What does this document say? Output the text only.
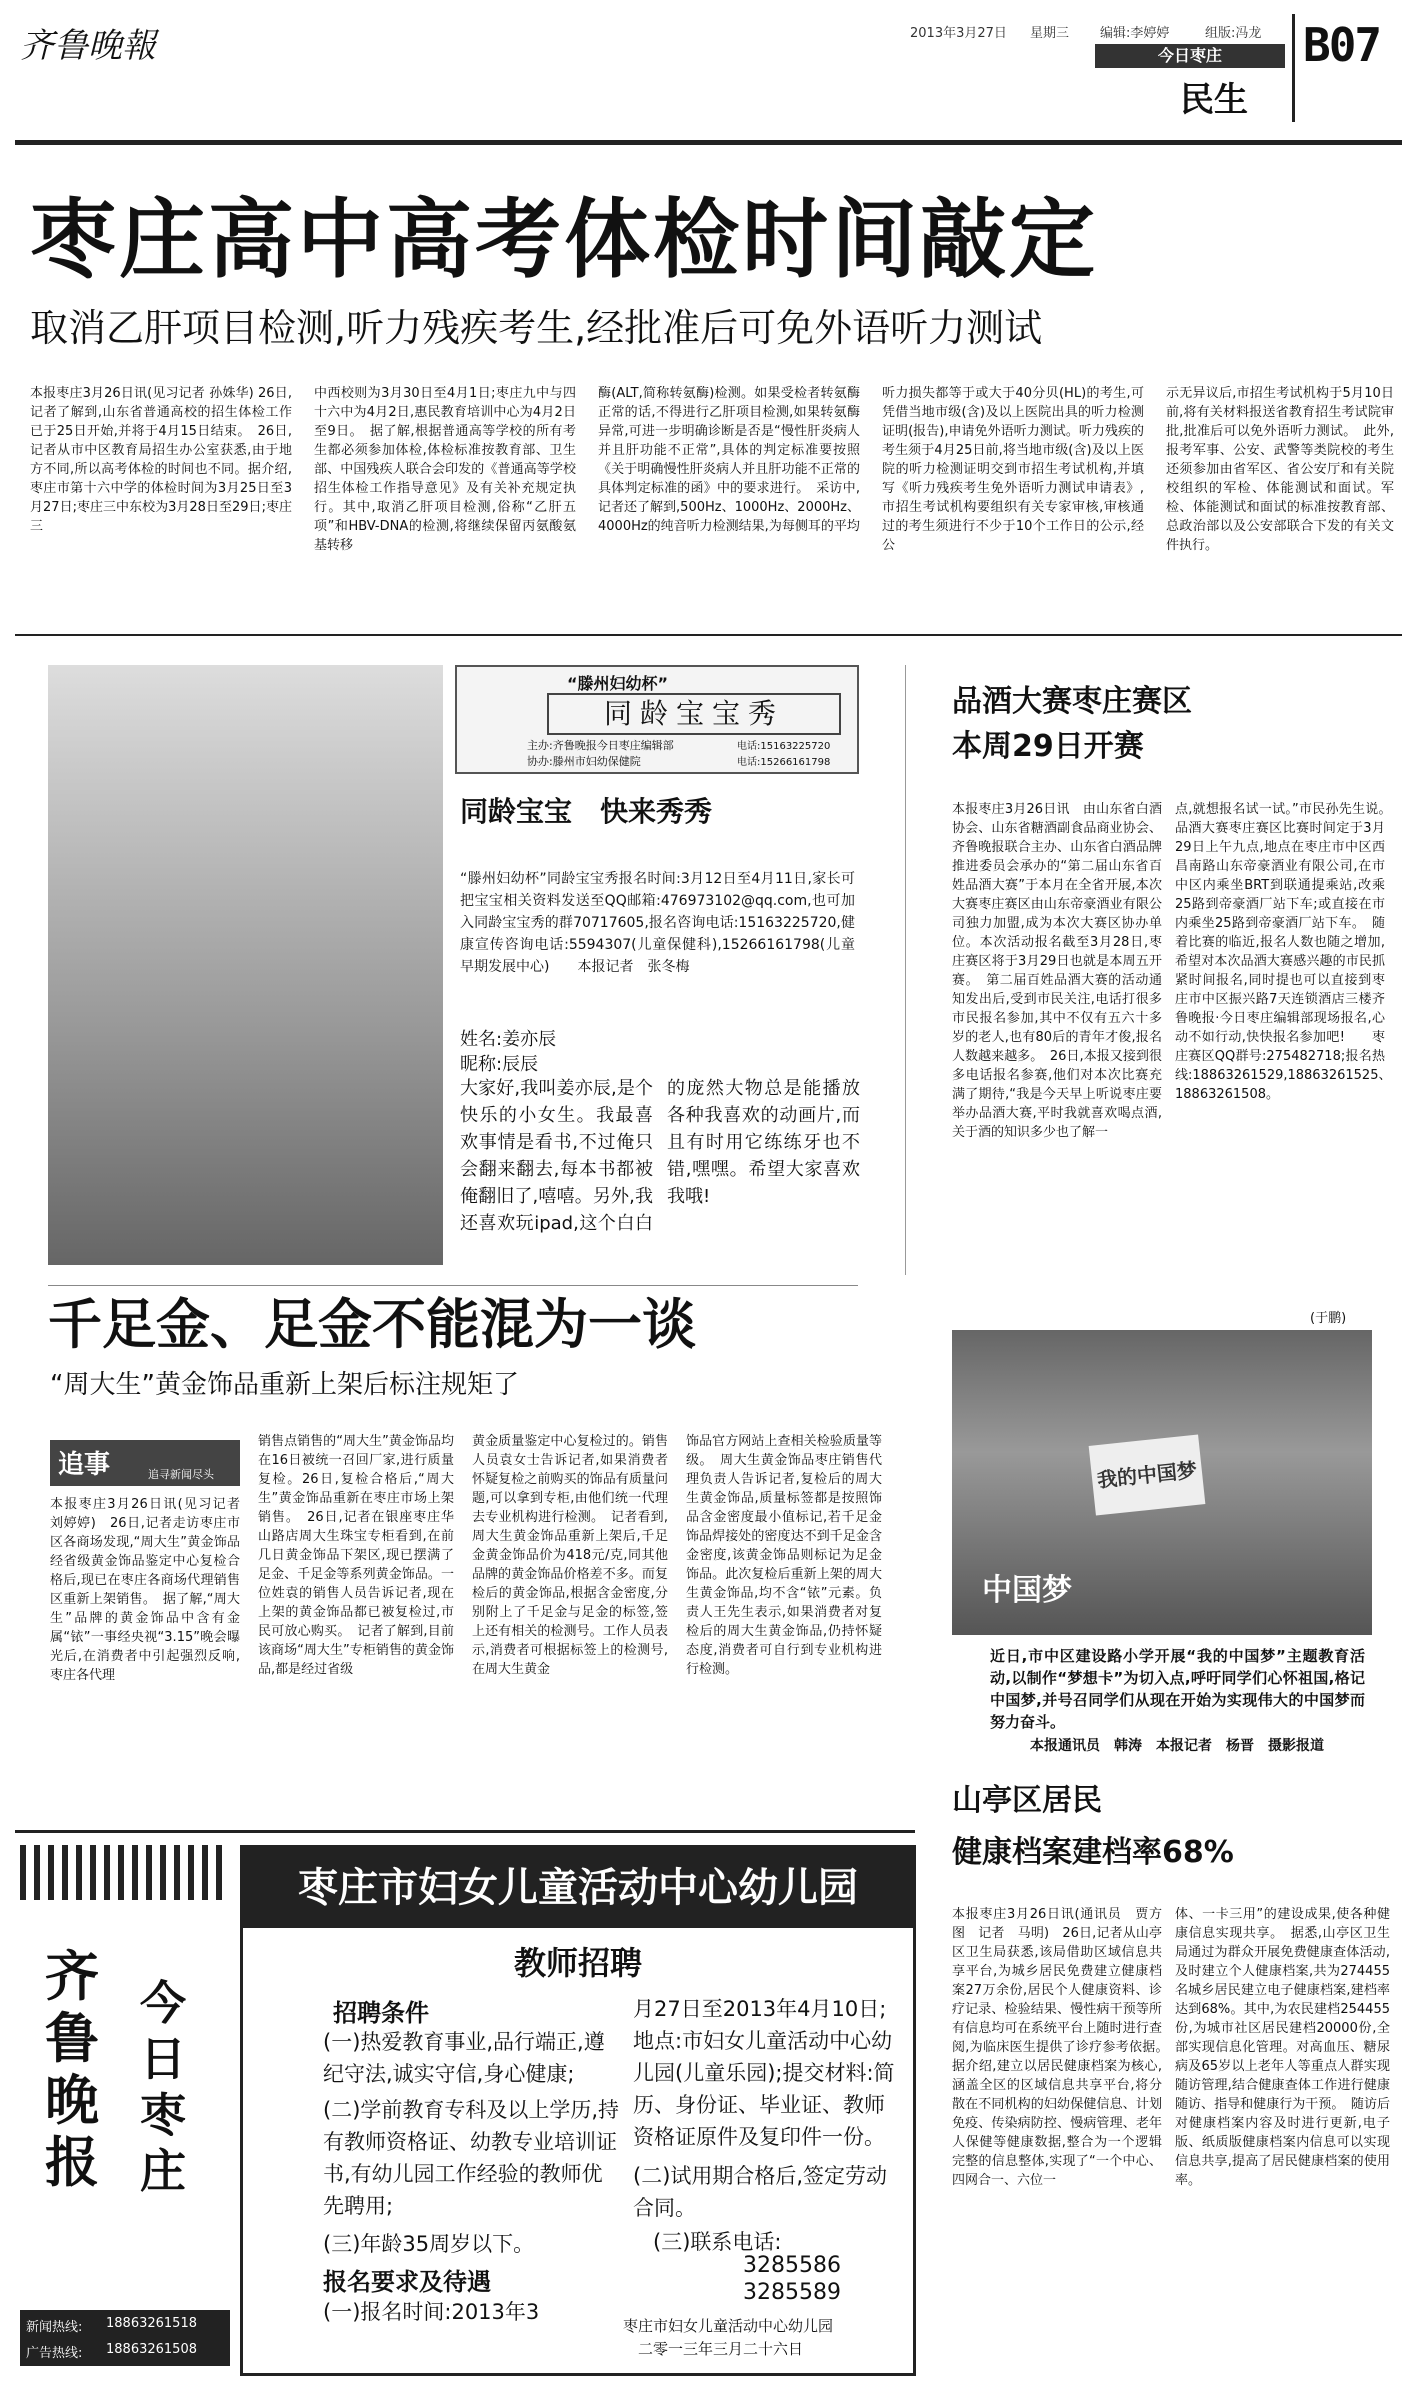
齐鲁晚報	2013年3月27日 星期三 编辑:李婷婷	组版:冯龙
今日枣庄
民生
B07
枣庄高中高考体检时间敲定
取消乙肝项目检测,听力残疾考生,经批准后可免外语听力测试
本报枣庄3月26日讯(见习记者 孙姝华) 26日,记者了解到,山东省普通高校的招生体检工作已于25日开始,并将于4月15日结束。　26日,记者从市中区教育局招生办公室获悉,由于地方不同,所以高考体检的时间也不同。据介绍,枣庄市第十六中学的体检时间为3月25日至3月27日;枣庄三中东校为3月28日至29日;枣庄三
中西校则为3月30日至4月1日;枣庄九中与四十六中为4月2日,惠民教育培训中心为4月2日至9日。　据了解,根据普通高等学校的所有考生都必须参加体检,体检标准按教育部、卫生部、中国残疾人联合会印发的《普通高等学校招生体检工作指导意见》及有关补充规定执行。其中,取消乙肝项目检测,俗称“乙肝五项”和HBV-DNA的检测,将继续保留丙氨酸氨基转移
酶(ALT,简称转氨酶)检测。如果受检者转氨酶正常的话,不得进行乙肝项目检测,如果转氨酶异常,可进一步明确诊断是否是“慢性肝炎病人并且肝功能不正常”,具体的判定标准要按照《关于明确慢性肝炎病人并且肝功能不正常的具体判定标准的函》中的要求进行。　采访中,记者还了解到,500Hz、1000Hz、2000Hz、4000Hz的纯音听力检测结果,为每侧耳的平均
听力损失都等于或大于40分贝(HL)的考生,可凭借当地市级(含)及以上医院出具的听力检测证明(报告),申请免外语听力测试。听力残疾的考生须于4月25日前,将当地市级(含)及以上医院的听力检测证明交到市招生考试机构,并填写《听力残疾考生免外语听力测试申请表》,市招生考试机构要组织有关专家审核,审核通过的考生须进行不少于10个工作日的公示,经公
示无异议后,市招生考试机构于5月10日前,将有关材料报送省教育招生考试院审批,批准后可以免外语听力测试。　此外,报考军事、公安、武警等类院校的考生还须参加由省军区、省公安厅和有关院校组织的军检、体能测试和面试。军检、体能测试和面试的标准按教育部、总政治部以及公安部联合下发的有关文件执行。
“滕州妇幼杯”
同龄宝宝秀
主办:齐鲁晚报今日枣庄编辑部	电话:15163225720
协办:滕州市妇幼保健院	电话:15266161798
同龄宝宝　快来秀秀
“滕州妇幼杯”同龄宝宝秀报名时间:3月12日至4月11日,家长可把宝宝相关资料发送至QQ邮箱:476973102@qq.com,也可加入同龄宝宝秀的群70717605,报名咨询电话:15163225720,健康宣传咨询电话:5594307(儿童保健科),15266161798(儿童早期发展中心)　　本报记者　张冬梅
姓名:姜亦辰
昵称:辰辰
大家好,我叫姜亦辰,是个快乐的小女生。我最喜欢事情是看书,不过俺只会翻来翻去,每本书都被俺翻旧了,嘻嘻。另外,我还喜欢玩ipad,这个白白的庞然大物总是能播放各种我喜欢的动画片,而且有时用它练练牙也不错,嘿嘿。希望大家喜欢我哦!
品酒大赛枣庄赛区
本周29日开赛
本报枣庄3月26日讯　由山东省白酒协会、山东省糖酒副食品商业协会、齐鲁晚报联合主办、山东省白酒品牌推进委员会承办的“第二届山东省百姓品酒大赛”于本月在全省开展,本次大赛枣庄赛区由山东帝豪酒业有限公司独力加盟,成为本次大赛区协办单位。本次活动报名截至3月28日,枣庄赛区将于3月29日也就是本周五开赛。　第二届百姓品酒大赛的活动通知发出后,受到市民关注,电话打很多市民报名参加,其中不仅有五六十多岁的老人,也有80后的青年才俊,报名人数越来越多。　26日,本报又接到很多电话报名参赛,他们对本次比赛充满了期待,“我是今天早上听说枣庄要举办品酒大赛,平时我就喜欢喝点酒,关于酒的知识多少也了解一
点,就想报名试一试。”市民孙先生说。　品酒大赛枣庄赛区比赛时间定于3月29日上午九点,地点在枣庄市中区西昌南路山东帝豪酒业有限公司,在市中区内乘坐BRT到联通提乘站,改乘25路到帝豪酒厂站下车;或直接在市内乘坐25路到帝豪酒厂站下车。　随着比赛的临近,报名人数也随之增加,希望对本次品酒大赛感兴趣的市民抓紧时间报名,同时提也可以直接到枣庄市中区振兴路7天连锁酒店三楼齐鲁晚报·今日枣庄编辑部现场报名,心动不如行动,快快报名参加吧!　　枣庄赛区QQ群号:275482718;报名热线:18863261529,18863261525、18863261508。
(于鹏)
千足金、足金不能混为一谈
“周大生”黄金饰品重新上架后标注规矩了
追事	追寻新闻尽头
本报枣庄3月26日讯(见习记者　刘婷婷)　26日,记者走访枣庄市区各商场发现,“周大生”黄金饰品经省级黄金饰品鉴定中心复检合格后,现已在枣庄各商场代理销售区重新上架销售。　据了解,“周大生”品牌的黄金饰品中含有金属“铱”一事经央视“3.15”晚会曝光后,在消费者中引起强烈反响,枣庄各代理
销售点销售的“周大生”黄金饰品均在16日被统一召回厂家,进行质量复检。26日,复检合格后,“周大生”黄金饰品重新在枣庄市场上架销售。　26日,记者在银座枣庄华山路店周大生珠宝专柜看到,在前几日黄金饰品下架区,现已摆满了足金、千足金等系列黄金饰品。一位姓袁的销售人员告诉记者,现在上架的黄金饰品都已被复检过,市民可放心购买。　记者了解到,目前该商场“周大生”专柜销售的黄金饰品,都是经过省级
黄金质量鉴定中心复检过的。销售人员袁女士告诉记者,如果消费者怀疑复检之前购买的饰品有质量问题,可以拿到专柜,由他们统一代理去专业机构进行检测。　记者看到,周大生黄金饰品重新上架后,千足金黄金饰品价为418元/克,同其他品牌的黄金饰品价格差不多。而复检后的黄金饰品,根据含金密度,分别附上了千足金与足金的标签,签上还有相关的检测号。工作人员表示,消费者可根据标签上的检测号,在周大生黄金
饰品官方网站上查相关检验质量等级。　周大生黄金饰品枣庄销售代理负责人告诉记者,复检后的周大生黄金饰品,质量标签都是按照饰品含金密度最小值标记,若千足金饰品焊接处的密度达不到千足金含金密度,该黄金饰品则标记为足金饰品。此次复检后重新上架的周大生黄金饰品,均不含“铱”元素。负责人王先生表示,如果消费者对复检后的周大生黄金饰品,仍持怀疑态度,消费者可自行到专业机构进行检测。
我的中国梦
中国梦
近日,市中区建设路小学开展“我的中国梦”主题教育活动,以制作“梦想卡”为切入点,呼吁同学们心怀祖国,格记中国梦,并号召同学们从现在开始为实现伟大的中国梦而努力奋斗。
本报通讯员　韩涛　本报记者　杨晋　摄影报道
山亭区居民
健康档案建档率68%
本报枣庄3月26日讯(通讯员　贾方图　记者　马明)　26日,记者从山亭区卫生局获悉,该局借助区域信息共享平台,为城乡居民免费建立健康档案27万余份,居民个人健康资料、诊疗记录、检验结果、慢性病干预等所有信息均可在系统平台上随时进行查阅,为临床医生提供了诊疗参考依据。　据介绍,建立以居民健康档案为核心,涵盖全区的区域信息共享平台,将分散在不同机构的妇幼保健信息、计划免疫、传染病防控、慢病管理、老年人保健等健康数据,整合为一个逻辑完整的信息整体,实现了“一个中心、四网合一、六位一
体、一卡三用”的建设成果,使各种健康信息实现共享。　据悉,山亭区卫生局通过为群众开展免费健康查体活动,及时建立个人健康档案,共为274455名城乡居民建立电子健康档案,建档率达到68%。其中,为农民建档254455份,为城市社区居民建档20000份,全部实现信息化管理。对高血压、糖尿病及65岁以上老年人等重点人群实现随访管理,结合健康查体工作进行健康随访、指导和健康行为干预。　随访后对健康档案内容及时进行更新,电子版、纸质版健康档案内信息可以实现信息共享,提高了居民健康档案的使用率。
齐鲁晚报
今日枣庄
新闻热线: 18863261518
广告热线: 18863261508
枣庄市妇女儿童活动中心幼儿园
教师招聘
招聘条件
(一)热爱教育事业,品行端正,遵纪守法,诚实守信,身心健康;
(二)学前教育专科及以上学历,持有教师资格证、幼教专业培训证书,有幼儿园工作经验的教师优先聘用;
(三)年龄35周岁以下。
报名要求及待遇
(一)报名时间:2013年3
月27日至2013年4月10日;地点:市妇女儿童活动中心幼儿园(儿童乐园);提交材料:简历、身份证、毕业证、教师资格证原件及复印件一份。
(二)试用期合格后,签定劳动合同。
(三)联系电话:
3285586
3285589
枣庄市妇女儿童活动中心幼儿园
二零一三年三月二十六日
